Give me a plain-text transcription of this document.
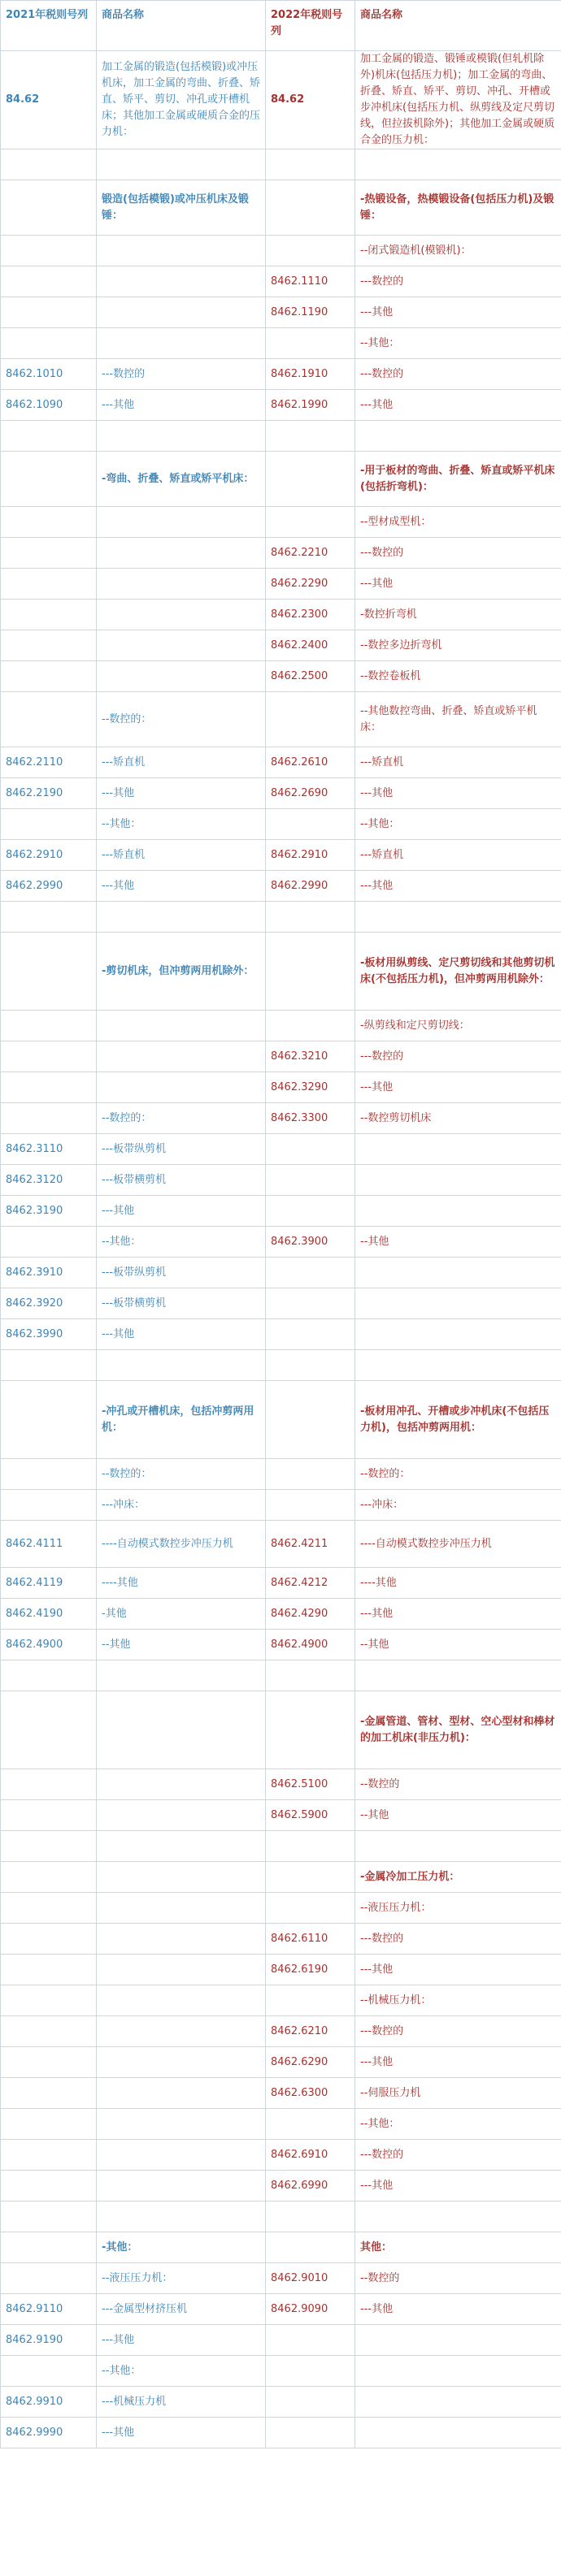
2021年税则号列	商品名称	2022年税则号列	商品名称
84.62	加工金属的锻造(包括模锻)或冲压机床，加工金属的弯曲、折叠、矫直、矫平、剪切、冲孔或开槽机床；其他加工金属或硬质合金的压力机：	84.62	加工金属的锻造、锻锤或模锻(但轧机除外)机床(包括压力机)；加工金属的弯曲、折叠、矫直、矫平、剪切、冲孔、开槽或步冲机床(包括压力机、纵剪线及定尺剪切线，但拉拔机除外)；其他加工金属或硬质合金的压力机：

	锻造(包括模锻)或冲压机床及锻锤：		-热锻设备，热模锻设备(包括压力机)及锻锤：
			--闭式锻造机(模锻机)：
		8462.1110	---数控的
		8462.1190	---其他
			--其他：
8462.1010	---数控的	8462.1910	---数控的
8462.1090	---其他	8462.1990	---其他

	-弯曲、折叠、矫直或矫平机床：		-用于板材的弯曲、折叠、矫直或矫平机床(包括折弯机)：
			--型材成型机：
		8462.2210	---数控的
		8462.2290	---其他
		8462.2300	-数控折弯机
		8462.2400	--数控多边折弯机
		8462.2500	--数控卷板机
	--数控的：		--其他数控弯曲、折叠、矫直或矫平机床：
8462.2110	---矫直机	8462.2610	---矫直机
8462.2190	---其他	8462.2690	---其他
	--其他：		--其他：
8462.2910	---矫直机	8462.2910	---矫直机
8462.2990	---其他	8462.2990	---其他

	-剪切机床，但冲剪两用机除外：		-板材用纵剪线、定尺剪切线和其他剪切机床(不包括压力机)，但冲剪两用机除外：
			-纵剪线和定尺剪切线：
		8462.3210	---数控的
		8462.3290	---其他
	--数控的：	8462.3300	--数控剪切机床
8462.3110	---板带纵剪机		
8462.3120	---板带横剪机		
8462.3190	---其他		
	--其他：	8462.3900	--其他
8462.3910	---板带纵剪机		
8462.3920	---板带横剪机		
8462.3990	---其他		

	-冲孔或开槽机床，包括冲剪两用机：		-板材用冲孔、开槽或步冲机床(不包括压力机)，包括冲剪两用机：
	--数控的：		--数控的：
	---冲床：		---冲床：
8462.4111	----自动模式数控步冲压力机	8462.4211	----自动模式数控步冲压力机
8462.4119	----其他	8462.4212	----其他
8462.4190	-其他	8462.4290	---其他
8462.4900	--其他	8462.4900	--其他

			-金属管道、管材、型材、空心型材和棒材的加工机床(非压力机)：
		8462.5100	--数控的
		8462.5900	--其他

			-金属冷加工压力机：
			--液压压力机：
		8462.6110	---数控的
		8462.6190	---其他
			--机械压力机：
		8462.6210	---数控的
		8462.6290	---其他
		8462.6300	--伺服压力机
			--其他：
		8462.6910	---数控的
		8462.6990	---其他

	-其他：		其他：
	--液压压力机：	8462.9010	--数控的
8462.9110	---金属型材挤压机	8462.9090	---其他
8462.9190	---其他		
	--其他：		
8462.9910	---机械压力机		
8462.9990	---其他		
